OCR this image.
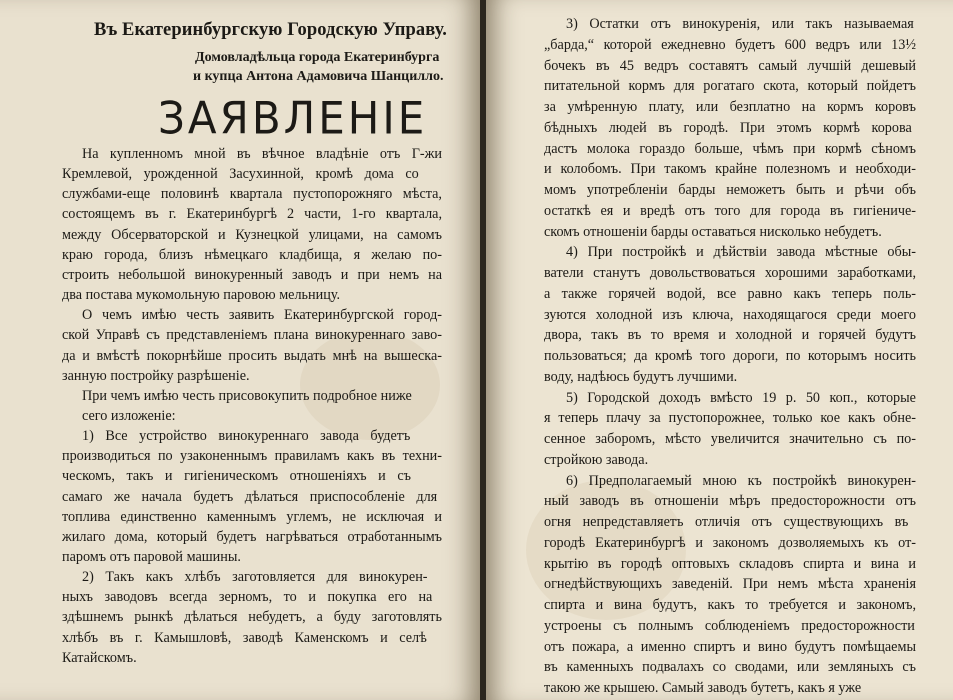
Въ Екатеринбургскую Городскую Управу.
Домовладѣльца города Екатеринбурга
и купца Антона Адамовича Шанцилло.
ЗАЯВЛЕНІЕ
На купленномъ мной въ вѣчное владѣніе отъ Г-жи
Кремлевой, урожденной Засухинной, кромѣ дома со
службами-еще половинѣ квартала пустопорожняго мѣста,
состоящемъ въ г. Екатеринбургѣ 2 части, 1-го квартала,
между Обсерваторской и Кузнецкой улицами, на самомъ
краю города, близъ нѣмецкаго кладбища, я желаю по-
строить небольшой винокуренный заводъ и при немъ на
два постава мукомольную паровою мельницу.
О чемъ имѣю честь заявить Екатеринбургской город-
ской Управѣ съ представленіемъ плана винокуреннаго заво-
да и вмѣстѣ покорнѣйше просить выдать мнѣ на вышеска-
занную постройку разрѣшеніе.
При чемъ имѣю честь присовокупить подробное ниже
сего изложеніе:
1) Все устройство винокуреннаго завода будетъ
производиться по узаконеннымъ правиламъ какъ въ техни-
ческомъ, такъ и гигіеническомъ отношеніяхъ и съ
самаго же начала будетъ дѣлаться приспособленіе для
топлива единственно каменнымъ углемъ, не исключая и
жилаго дома, который будетъ нагрѣваться отработаннымъ
паромъ отъ паровой машины.
2) Такъ какъ хлѣбъ заготовляется для винокурен-
ныхъ заводовъ всегда зерномъ, то и покупка его на
здѣшнемъ рынкѣ дѣлаться небудетъ, а буду заготовлять
хлѣбъ въ г. Камышловѣ, заводѣ Каменскомъ и селѣ
Катайскомъ.
3) Остатки отъ винокуренія, или такъ называемая
„барда,“ которой ежедневно будетъ 600 ведръ или 13½
бочекъ въ 45 ведръ составятъ самый лучшій дешевый
питательной кормъ для рогатаго скота, который пойдетъ
за умѣренную плату, или безплатно на кормъ коровъ
бѣдныхъ людей въ городѣ. При этомъ кормѣ корова
дастъ молока гораздо больше, чѣмъ при кормѣ сѣномъ
и колобомъ. При такомъ крайне полезномъ и необходи-
момъ употребленіи барды неможетъ быть и рѣчи объ
остаткѣ ея и вредѣ отъ того для города въ гигіениче-
скомъ отношеніи барды оставаться нисколько небудетъ.
4) При постройкѣ и дѣйствіи завода мѣстные обы-
ватели станутъ довольствоваться хорошими заработками,
а также горячей водой, все равно какъ теперь поль-
зуются холодной изъ ключа, находящагося среди моего
двора, такъ въ то время и холодной и горячей будутъ
пользоваться; да кромѣ того дороги, по которымъ носить
воду, надѣюсь будутъ лучшими.
5) Городской доходъ вмѣсто 19 р. 50 коп., которые
я теперь плачу за пустопорожнее, только кое какъ обне-
сенное заборомъ, мѣсто увеличится значительно съ по-
стройкою завода.
6) Предполагаемый мною къ постройкѣ винокурен-
ный заводъ въ отношеніи мѣръ предосторожности отъ
огня непредставляетъ отличія отъ существующихъ въ
городѣ Екатеринбургѣ и закономъ дозволяемыхъ къ от-
крытію въ городѣ оптовыхъ складовъ спирта и вина и
огнедѣйствующихъ заведеній. При немъ мѣста храненія
спирта и вина будутъ, какъ то требуется и закономъ,
устроены съ полнымъ соблюденіемъ предосторожности
отъ пожара, а именно спиртъ и вино будутъ помѣщаемы
въ каменныхъ подвалахъ со сводами, или земляныхъ съ
такою же крышею. Самый заводъ бутетъ, какъ я уже
